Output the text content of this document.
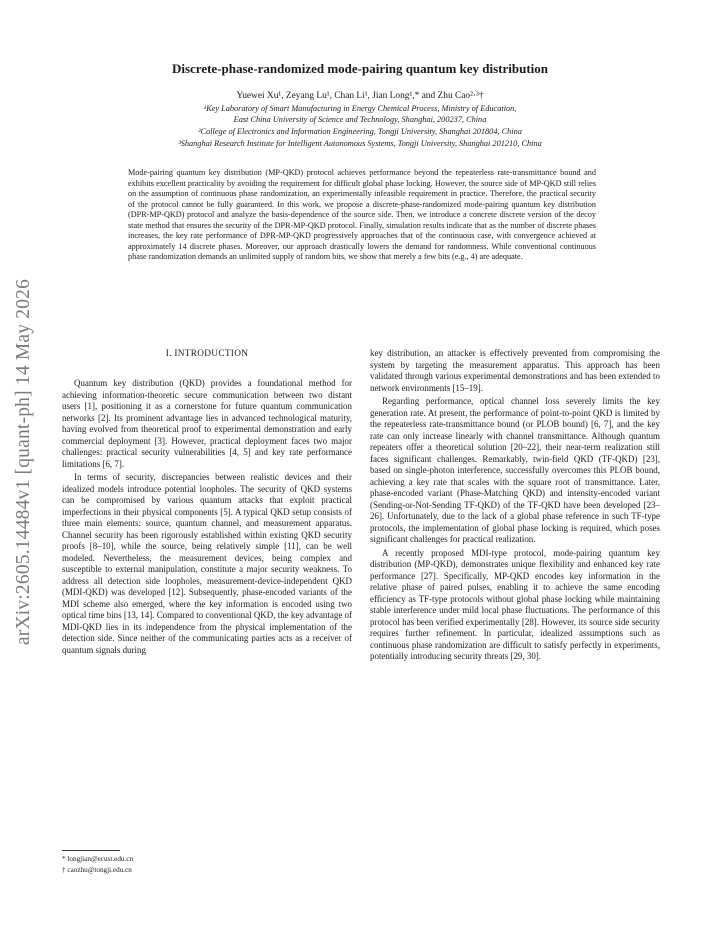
arXiv:2605.14484v1 [quant-ph] 14 May 2026
Discrete-phase-randomized mode-pairing quantum key distribution
Yuewei Xu¹, Zeyang Lu¹, Chan Li¹, Jian Long¹,* and Zhu Cao²·³†
¹Key Laboratory of Smart Manufacturing in Energy Chemical Process, Ministry of Education,
East China University of Science and Technology, Shanghai, 200237, China
²College of Electronics and Information Engineering, Tongji University, Shanghai 201804, China
³Shanghai Research Institute for Intelligent Autonomous Systems, Tongji University, Shanghai 201210, China
Mode-pairing quantum key distribution (MP-QKD) protocol achieves performance beyond the repeaterless rate-transmittance bound and exhibits excellent practicality by avoiding the requirement for difficult global phase locking. However, the source side of MP-QKD still relies on the assumption of continuous phase randomization, an experimentally infeasible requirement in practice. Therefore, the practical security of the protocol cannot be fully guaranteed. In this work, we propose a discrete-phase-randomized mode-pairing quantum key distribution (DPR-MP-QKD) protocol and analyze the basis-dependence of the source side. Then, we introduce a concrete discrete version of the decoy state method that ensures the security of the DPR-MP-QKD protocol. Finally, simulation results indicate that as the number of discrete phases increases, the key rate performance of DPR-MP-QKD progressively approaches that of the continuous case, with convergence achieved at approximately 14 discrete phases. Moreover, our approach drastically lowers the demand for randomness. While conventional continuous phase randomization demands an unlimited supply of random bits, we show that merely a few bits (e.g., 4) are adequate.
I. INTRODUCTION

Quantum key distribution (QKD) provides a foundational method for achieving information-theoretic secure communication between two distant users [1], positioning it as a cornerstone for future quantum communication networks [2]. Its prominent advantage lies in advanced technological maturity, having evolved from theoretical proof to experimental demonstration and early commercial deployment [3]. However, practical deployment faces two major challenges: practical security vulnerabilities [4, 5] and key rate performance limitations [6, 7].

In terms of security, discrepancies between realistic devices and their idealized models introduce potential loopholes. The security of QKD systems can be compromised by various quantum attacks that exploit practical imperfections in their physical components [5]. A typical QKD setup consists of three main elements: source, quantum channel, and measurement apparatus. Channel security has been rigorously established within existing QKD security proofs [8–10], while the source, being relatively simple [11], can be well modeled. Nevertheless, the measurement devices, being complex and susceptible to external manipulation, constitute a major security weakness. To address all detection side loopholes, measurement-device-independent QKD (MDI-QKD) was developed [12]. Subsequently, phase-encoded variants of the MDI scheme also emerged, where the key information is encoded using two optical time bins [13, 14]. Compared to conventional QKD, the key advantage of MDI-QKD lies in its independence from the physical implementation of the detection side. Since neither of the communicating parties acts as a receiver of quantum signals during

key distribution, an attacker is effectively prevented from compromising the system by targeting the measurement apparatus. This approach has been validated through various experimental demonstrations and has been extended to network environments [15–19].

Regarding performance, optical channel loss severely limits the key generation rate. At present, the performance of point-to-point QKD is limited by the repeaterless rate-transmittance bound (or PLOB bound) [6, 7], and the key rate can only increase linearly with channel transmittance. Although quantum repeaters offer a theoretical solution [20–22], their near-term realization still faces significant challenges. Remarkably, twin-field QKD (TF-QKD) [23], based on single-photon interference, successfully overcomes this PLOB bound, achieving a key rate that scales with the square root of transmittance. Later, phase-encoded variant (Phase-Matching QKD) and intensity-encoded variant (Sending-or-Not-Sending TF-QKD) of the TF-QKD have been developed [23–26]. Unfortunately, due to the lack of a global phase reference in such TF-type protocols, the implementation of global phase locking is required, which poses significant challenges for practical realization.

A recently proposed MDI-type protocol, mode-pairing quantum key distribution (MP-QKD), demonstrates unique flexibility and enhanced key rate performance [27]. Specifically, MP-QKD encodes key information in the relative phase of paired pulses, enabling it to achieve the same encoding efficiency as TF-type protocols without global phase locking while maintaining stable interference under mild local phase fluctuations. The performance of this protocol has been verified experimentally [28]. However, its source side security requires further refinement. In particular, idealized assumptions such as continuous phase randomization are difficult to satisfy perfectly in experiments, potentially introducing security threats [29, 30].

* longjian@ecust.edu.cn
† caozhu@tongji.edu.cn
